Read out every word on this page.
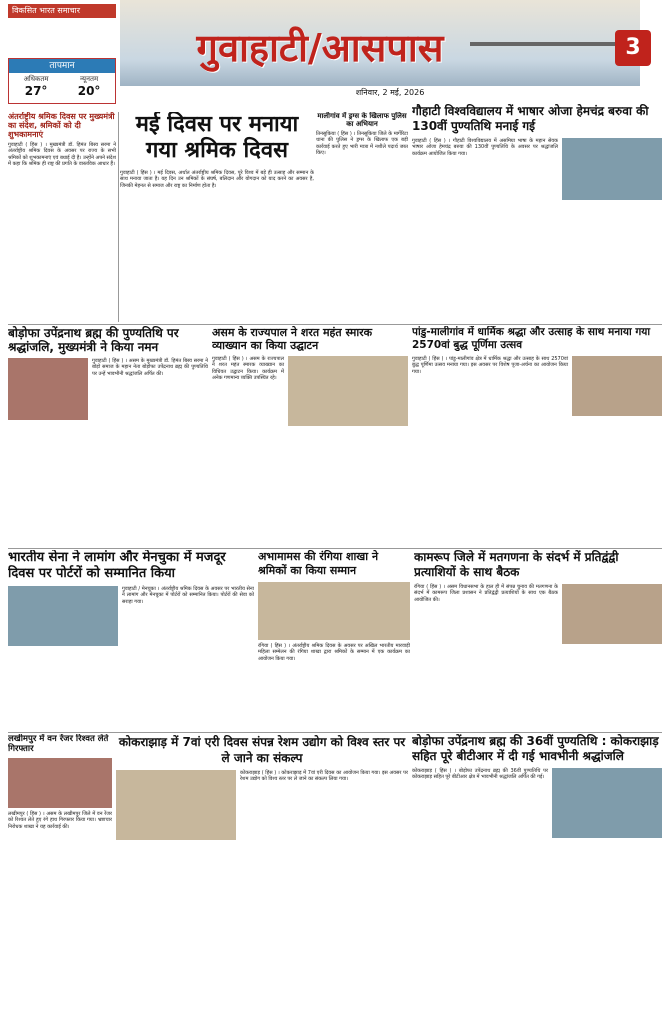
विकसित भारत समाचार
तापमान
अधिकतम
27°
न्यूनतम
20°
गुवाहाटी/आसपास	3
शनिवार, 2 मई, 2026
अंतर्राष्ट्रीय श्रमिक दिवस पर मुख्यमंत्री का संदेश, श्रमिकों को दी शुभकामनाएं
गुवाहाटी ( हिंस ) । मुख्यमंत्री डॉ. हिमंत बिस्व सरमा ने अंतर्राष्ट्रीय श्रमिक दिवस के अवसर पर राज्य के सभी श्रमिकों को शुभकामनाएं एवं बधाई दी है। उन्होंने अपने संदेश में कहा कि श्रमिक ही राष्ट्र की प्रगति के वास्तविक आधार हैं।
मई दिवस पर मनाया गया श्रमिक दिवस
गुवाहाटी ( हिंस ) । मई दिवस, अर्थात अंतर्राष्ट्रीय श्रमिक दिवस, पूरे विश्व में बड़े ही उत्साह और सम्मान के साथ मनाया जाता है। यह दिन उन श्रमिकों के संघर्ष, बलिदान और योगदान को याद करने का अवसर है, जिनकी मेहनत से समाज और राष्ट्र का निर्माण होता है।
मालीगांव में ड्रग्स के खिलाफ पुलिस का अभियान
तिनसुकिया ( हिंस ) । तिनसुकिया जिले के मार्गेरिटा थाना की पुलिस ने ड्रग्स के खिलाफ एक बड़ी कार्रवाई करते हुए भारी मात्रा में नशीले पदार्थ जब्त किए।
गौहाटी विश्वविद्यालय में भाषार ओजा हेमचंद्र बरुवा की 130वीं पुण्यतिथि मनाई गई
गुवाहाटी ( हिंस ) । गौहाटी विश्वविद्यालय में असमिया भाषा के महान सेवक भाषार ओजा हेमचंद्र बरुवा की 130वीं पुण्यतिथि के अवसर पर श्रद्धांजलि कार्यक्रम आयोजित किया गया।
बोड़ोफा उपेंद्रनाथ ब्रह्म की पुण्यतिथि पर श्रद्धांजलि, मुख्यमंत्री ने किया नमन
गुवाहाटी ( हिंस ) । असम के मुख्यमंत्री डॉ. हिमंत बिस्व सरमा ने बोड़ो समाज के महान नेता बोड़ोफा उपेंद्रनाथ ब्रह्म की पुण्यतिथि पर उन्हें भावभीनी श्रद्धांजलि अर्पित की।
असम के राज्यपाल ने शरत महंत स्मारक व्याख्यान का किया उद्घाटन
गुवाहाटी ( हिंस ) । असम के राज्यपाल ने शरत महंत स्मारक व्याख्यान का विधिवत उद्घाटन किया। कार्यक्रम में अनेक गणमान्य व्यक्ति उपस्थित रहे।
पांडु-मालीगांव में धार्मिक श्रद्धा और उत्साह के साथ मनाया गया 2570वां बुद्ध पूर्णिमा उत्सव
गुवाहाटी ( हिंस ) । पांडु-मालीगांव क्षेत्र में धार्मिक श्रद्धा और उत्साह के साथ 2570वां बुद्ध पूर्णिमा उत्सव मनाया गया। इस अवसर पर विशेष पूजा-अर्चना का आयोजन किया गया।
भारतीय सेना ने लामांग और मेनचुका में मजदूर दिवस पर पोर्टरों को सम्मानित किया
गुवाहाटी / मेनचुका । अंतर्राष्ट्रीय श्रमिक दिवस के अवसर पर भारतीय सेना ने लामांग और मेनचुका में पोर्टरों को सम्मानित किया। पोर्टरों की सेवा को सराहा गया।
अभामामस की रंगिया शाखा ने श्रमिकों का किया सम्मान
रंगिया ( हिंस ) । अंतर्राष्ट्रीय श्रमिक दिवस के अवसर पर अखिल भारतीय मारवाड़ी महिला सम्मेलन की रंगिया शाखा द्वारा श्रमिकों के सम्मान में एक कार्यक्रम का आयोजन किया गया।
कामरूप जिले में मतगणना के संदर्भ में प्रतिद्वंद्वी प्रत्याशियों के साथ बैठक
रंगिया ( हिंस ) । असम विधानसभा के हाल ही में संपन्न चुनाव की मतगणना के संदर्भ में कामरूप जिला प्रशासन ने प्रतिद्वंद्वी प्रत्याशियों के साथ एक बैठक आयोजित की।
लखीमपुर में वन रेंजर रिश्वत लेते गिरफ्तार
लखीमपुर ( हिंस ) । असम के लखीमपुर जिले में वन रेंजर को रिश्वत लेते हुए रंगे हाथ गिरफ्तार किया गया। भ्रष्टाचार निरोधक शाखा ने यह कार्रवाई की।
कोकराझाड़ में 7वां एरी दिवस संपन्न रेशम उद्योग को विश्व स्तर पर ले जाने का संकल्प
कोकराझाड़ ( हिंस ) । कोकराझाड़ में 7वां एरी दिवस का आयोजन किया गया। इस अवसर पर रेशम उद्योग को विश्व स्तर पर ले जाने का संकल्प लिया गया।
बोड़ोफा उपेंद्रनाथ ब्रह्म की 36वीं पुण्यतिथि : कोकराझाड़ सहित पूरे बीटीआर में दी गई भावभीनी श्रद्धांजलि
कोकराझाड़ ( हिंस ) । बोड़ोफा उपेंद्रनाथ ब्रह्म की 36वीं पुण्यतिथि पर कोकराझाड़ सहित पूरे बीटीआर क्षेत्र में भावभीनी श्रद्धांजलि अर्पित की गई।
